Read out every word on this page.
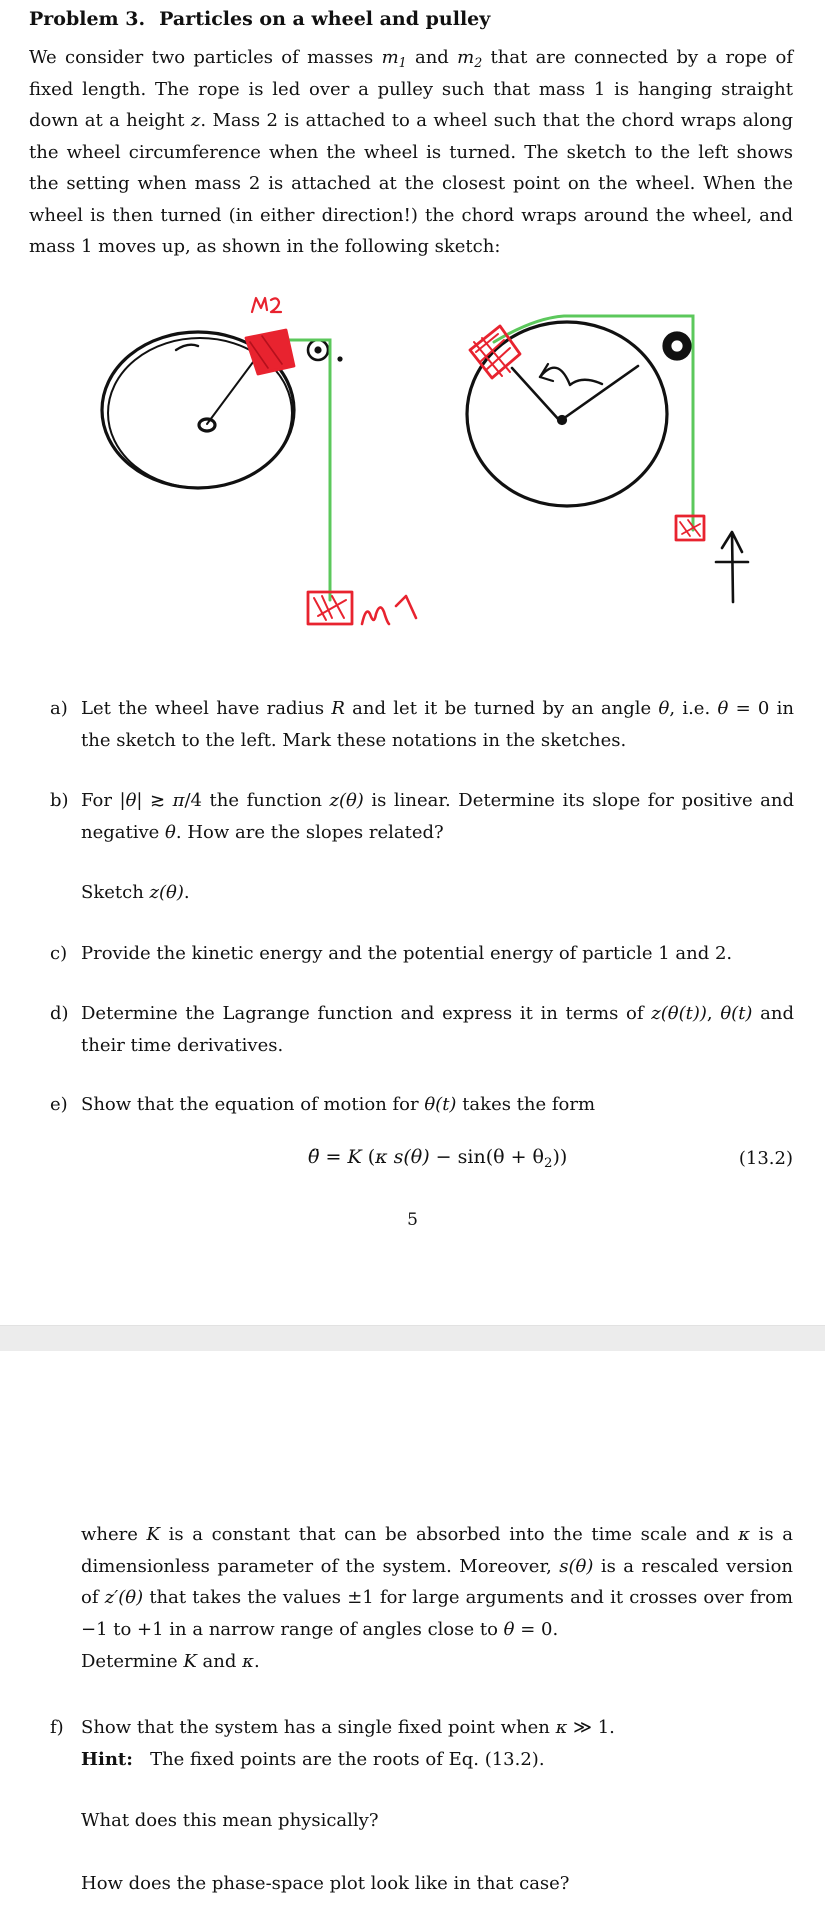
Problem 3. Particles on a wheel and pulley

We consider two particles of masses $m_1$ and $m_2$ that are connected by a rope of fixed length. The rope is led over a pulley such that mass 1 is hanging straight down at a height z. Mass 2 is attached to a wheel such that the chord wraps along the wheel circumference when the wheel is turned. The sketch to the left shows the setting when mass 2 is attached at the closest point on the wheel. When the wheel is then turned (in either direction!) the chord wraps around the wheel, and mass 1 moves up, as shown in the following sketch:

a) Let the wheel have radius R and let it be turned by an angle θ, i.e. θ = 0 in the sketch to the left. Mark these notations in the sketches.
b) For |θ| ≳ π/4 the function z(θ) is linear. Determine its slope for positive and negative θ. How are the slopes related?
Sketch z(θ).
c) Provide the kinetic energy and the potential energy of particle 1 and 2.
d) Determine the Lagrange function and express it in terms of z(θ(t)), θ(t) and their time derivatives.
e) Show that the equation of motion for θ(t) takes the form
θ̈ = K (κ $s(\theta) - \sin(\theta + \theta_2)$)	(13.2)
5
where K is a constant that can be absorbed into the time scale and κ is a dimensionless parameter of the system. Moreover, s(θ) is a rescaled version of z′(θ) that takes the values ±1 for large arguments and it crosses over from −1 to +1 in a narrow range of angles close to θ = 0.
Determine K and κ.
f) Show that the system has a single fixed point when κ ≫ 1.
Hint: The fixed points are the roots of Eq. (13.2).
What does this mean physically?
How does the phase-space plot look like in that case?
